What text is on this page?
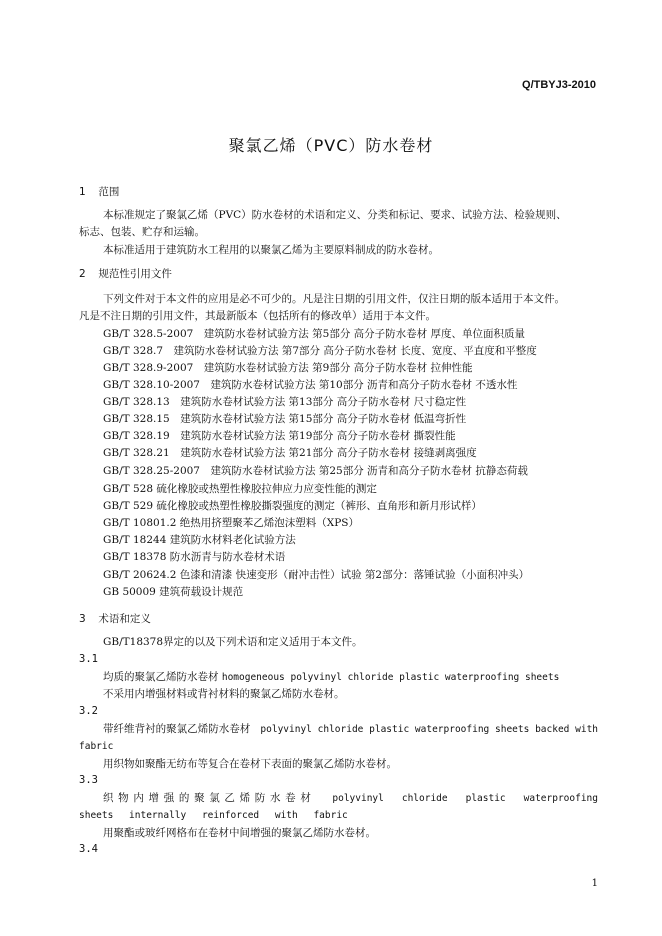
Q/TBYJ3-2010
聚氯乙烯（PVC）防水卷材
1 范围
本标准规定了聚氯乙烯（PVC）防水卷材的术语和定义、分类和标记、要求、试验方法、检验规则、
标志、包装、贮存和运输。
本标准适用于建筑防水工程用的以聚氯乙烯为主要原料制成的防水卷材。
2 规范性引用文件
下列文件对于本文件的应用是必不可少的。凡是注日期的引用文件，仅注日期的版本适用于本文件。
凡是不注日期的引用文件，其最新版本（包括所有的修改单）适用于本文件。
GB/T 328.5-2007　建筑防水卷材试验方法 第5部分 高分子防水卷材 厚度、单位面积质量
GB/T 328.7　建筑防水卷材试验方法 第7部分 高分子防水卷材 长度、宽度、平直度和平整度
GB/T 328.9-2007　建筑防水卷材试验方法 第9部分 高分子防水卷材 拉伸性能
GB/T 328.10-2007　建筑防水卷材试验方法 第10部分 沥青和高分子防水卷材 不透水性
GB/T 328.13　建筑防水卷材试验方法 第13部分 高分子防水卷材 尺寸稳定性
GB/T 328.15　建筑防水卷材试验方法 第15部分 高分子防水卷材 低温弯折性
GB/T 328.19　建筑防水卷材试验方法 第19部分 高分子防水卷材 撕裂性能
GB/T 328.21　建筑防水卷材试验方法 第21部分 高分子防水卷材 接缝剥离强度
GB/T 328.25-2007　建筑防水卷材试验方法 第25部分 沥青和高分子防水卷材 抗静态荷载
GB/T 528 硫化橡胶或热塑性橡胶拉伸应力应变性能的测定
GB/T 529 硫化橡胶或热塑性橡胶撕裂强度的测定（裤形、直角形和新月形试样）
GB/T 10801.2 绝热用挤塑聚苯乙烯泡沫塑料（XPS）
GB/T 18244 建筑防水材料老化试验方法
GB/T 18378 防水沥青与防水卷材术语
GB/T 20624.2 色漆和清漆 快速变形（耐冲击性）试验 第2部分：落锤试验（小面积冲头）
GB 50009 建筑荷载设计规范
3 术语和定义
GB/T18378界定的以及下列术语和定义适用于本文件。
3.1
均质的聚氯乙烯防水卷材 homogeneous polyvinyl chloride plastic waterproofing sheets
不采用内增强材料或背衬材料的聚氯乙烯防水卷材。
3.2
带纤维背衬的聚氯乙烯防水卷材 polyvinyl chloride plastic waterproofing sheets backed with fabric
用织物如聚酯无纺布等复合在卷材下表面的聚氯乙烯防水卷材。
3.3
织物内增强的聚氯乙烯防水卷材 polyvinyl chloride plastic waterproofing sheets internally reinforced with fabric
用聚酯或玻纤网格布在卷材中间增强的聚氯乙烯防水卷材。
3.4
1
